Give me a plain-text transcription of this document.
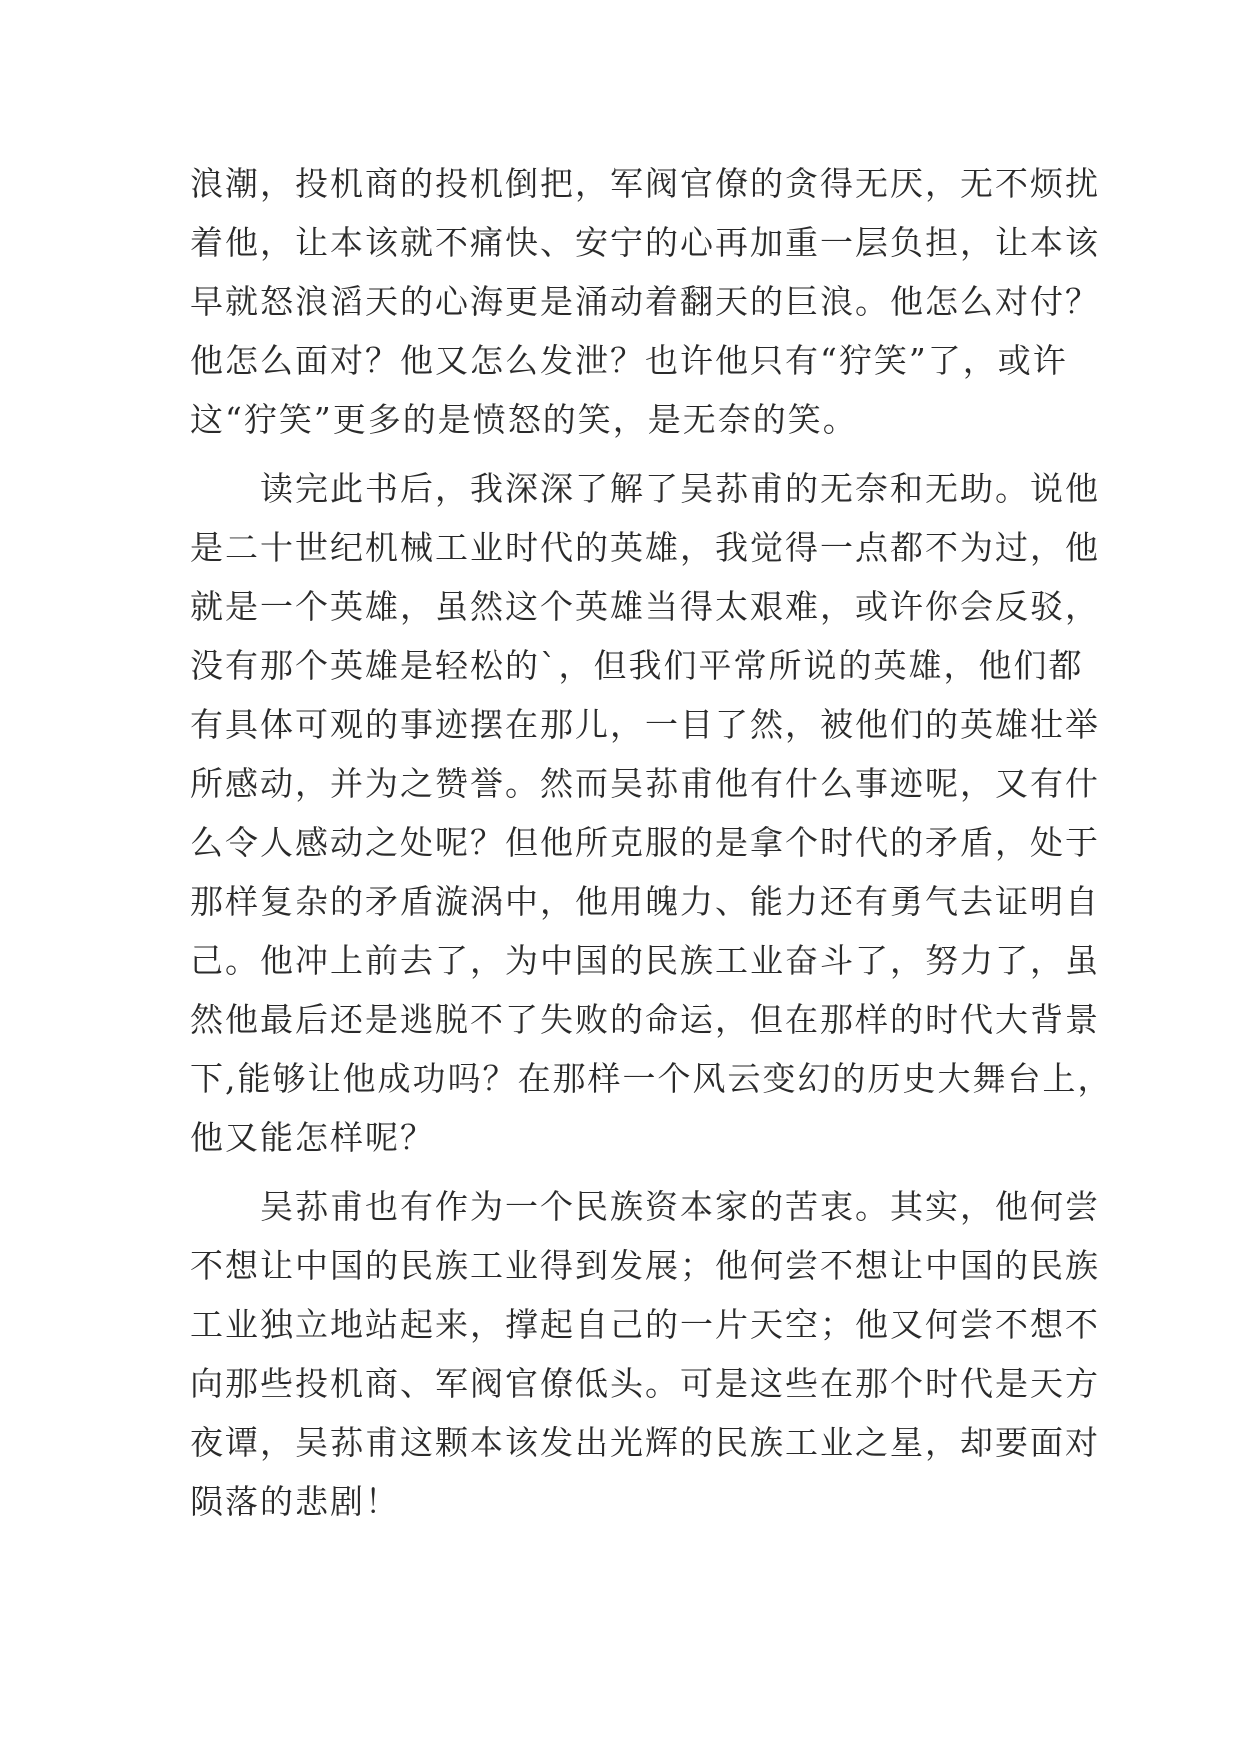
浪潮，投机商的投机倒把，军阀官僚的贪得无厌，无不烦扰
着他，让本该就不痛快、安宁的心再加重一层负担，让本该
早就怒浪滔天的心海更是涌动着翻天的巨浪。他怎么对付？
他怎么面对？他又怎么发泄？也许他只有“狞笑”了，或许
这“狞笑”更多的是愤怒的笑，是无奈的笑。
读完此书后，我深深了解了吴荪甫的无奈和无助。说他
是二十世纪机械工业时代的英雄，我觉得一点都不为过，他
就是一个英雄，虽然这个英雄当得太艰难，或许你会反驳，
没有那个英雄是轻松的`，但我们平常所说的英雄，他们都
有具体可观的事迹摆在那儿，一目了然，被他们的英雄壮举
所感动，并为之赞誉。然而吴荪甫他有什么事迹呢，又有什
么令人感动之处呢？但他所克服的是拿个时代的矛盾，处于
那样复杂的矛盾漩涡中，他用魄力、能力还有勇气去证明自
己。他冲上前去了，为中国的民族工业奋斗了，努力了，虽
然他最后还是逃脱不了失败的命运，但在那样的时代大背景
下,能够让他成功吗？在那样一个风云变幻的历史大舞台上，
他又能怎样呢？
吴荪甫也有作为一个民族资本家的苦衷。其实，他何尝
不想让中国的民族工业得到发展；他何尝不想让中国的民族
工业独立地站起来，撑起自己的一片天空；他又何尝不想不
向那些投机商、军阀官僚低头。可是这些在那个时代是天方
夜谭，吴荪甫这颗本该发出光辉的民族工业之星，却要面对
陨落的悲剧！
